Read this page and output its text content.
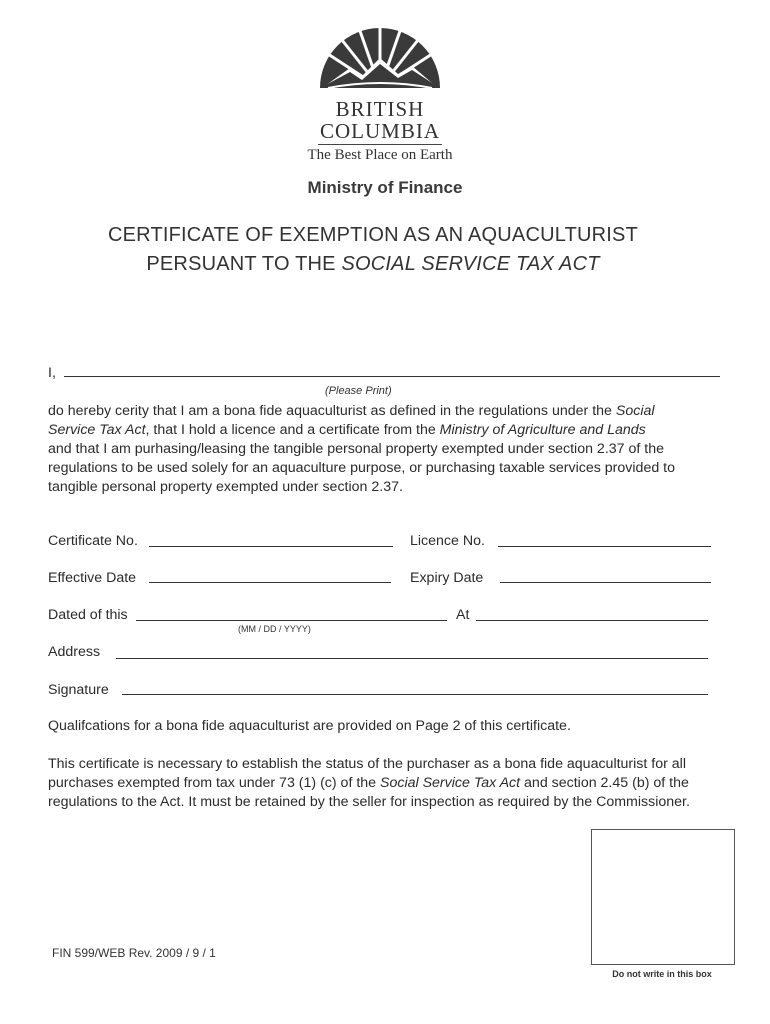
BRITISH
COLUMBIA
The Best Place on Earth
Ministry of Finance
CERTIFICATE OF EXEMPTION AS AN AQUACULTURIST
PERSUANT TO THE SOCIAL SERVICE TAX ACT
I,
(Please Print)
do hereby cerity that I am a bona fide aquaculturist as defined in the regulations under the Social
Service Tax Act, that I hold a licence and a certificate from the Ministry of Agriculture and Lands
and that I am purhasing/leasing the tangible personal property exempted under section 2.37 of the
regulations to be used solely for an aquaculture purpose, or purchasing taxable services provided to
tangible personal property exempted under section 2.37.
Certificate No.	Licence No.
Effective Date	Expiry Date
Dated of this
(MM / DD / YYYY)
At
Address
Signature
Qualifcations for a bona fide aquaculturist are provided on Page 2 of this certificate.
This certificate is necessary to establish the status of the purchaser as a bona fide aquaculturist for all
purchases exempted from tax under 73 (1) (c) of the Social Service Tax Act and section 2.45 (b) of the
regulations to the Act. It must be retained by the seller for inspection as required by the Commissioner.
Do not write in this box
FIN 599/WEB Rev. 2009 / 9 / 1
